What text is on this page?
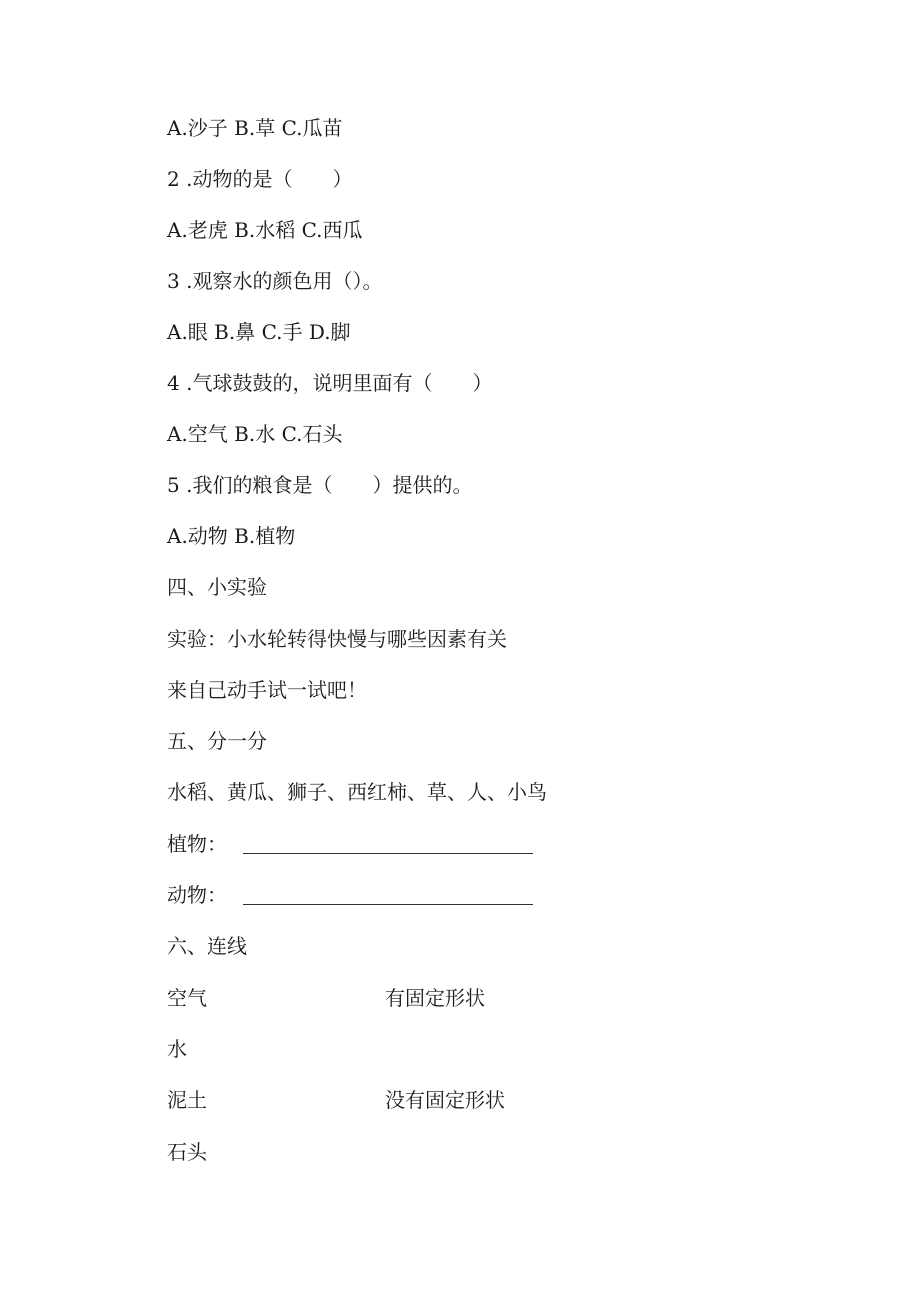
A.沙子 B.草 C.瓜苗
2 .动物的是（　　）
A.老虎 B.水稻 C.西瓜
3 .观察水的颜色用（）。
A.眼 B.鼻 C.手 D.脚
4 .气球鼓鼓的，说明里面有（　　）
A.空气 B.水 C.石头
5 .我们的粮食是（　　）提供的。
A.动物 B.植物
四、小实验
实验：小水轮转得快慢与哪些因素有关
来自己动手试一试吧！
五、分一分
水稻、黄瓜、狮子、西红柿、草、人、小鸟
植物：
动物：
六、连线
空气	有固定形状
水
泥土	没有固定形状
石头
